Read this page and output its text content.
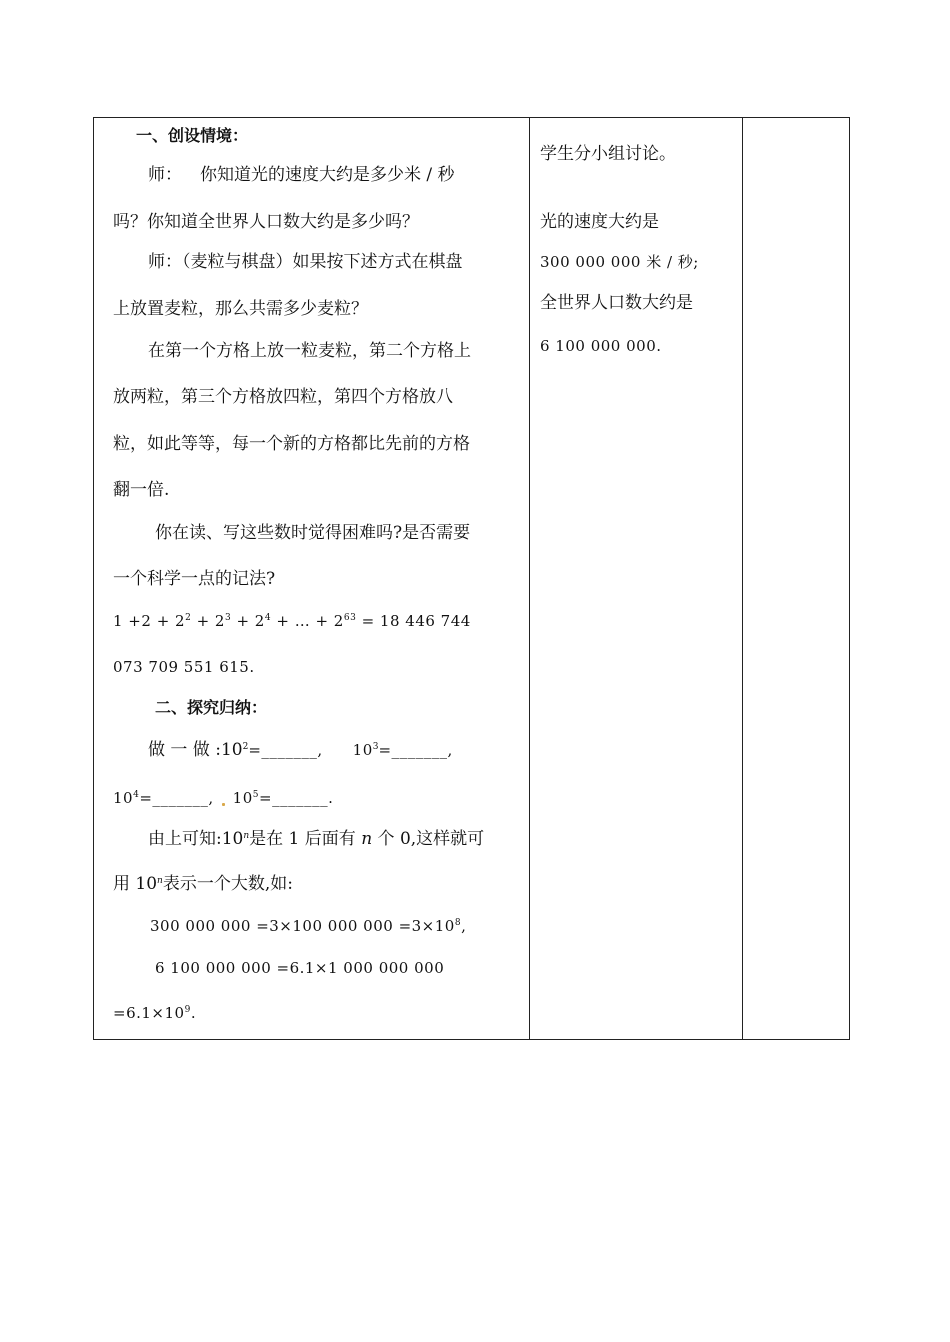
一、创设情境：
师： 你知道光的速度大约是多少米 / 秒
吗？你知道全世界人口数大约是多少吗？
师：（麦粒与棋盘）如果按下述方式在棋盘
上放置麦粒，那么共需多少麦粒？
在第一个方格上放一粒麦粒，第二个方格上
放两粒，第三个方格放四粒，第四个方格放八
粒，如此等等，每一个新的方格都比先前的方格
翻一倍.
你在读、写这些数时觉得困难吗?是否需要
一个科学一点的记法?
$1 +2 + 2^2 + 2^3 + 2^4$ + … + $2^{63} = 18$ 446 744
073 709 551 615.
二、探究归纳：
做 一 做 $:10^2=\_\_\_\_\_\_\_$, $10^3=\_\_\_\_\_\_\_$,
$10^4=\_\_\_\_\_\_\_$, $10^5=\_\_\_\_\_\_\_$.
由上可知:10$^n$是在 1 后面有 n 个 0,这样就可
用 10$^n$表示一个大数,如:
300 000 000 =3×100 000 $000 =3\times 10^8$,
6 100 000 000 =6.1×1 000 000 000
$=6.1\times 10^9$.
学生分小组讨论。
光的速度大约是
300 000 000 米 / 秒;
全世界人口数大约是
6 100 000 000.
